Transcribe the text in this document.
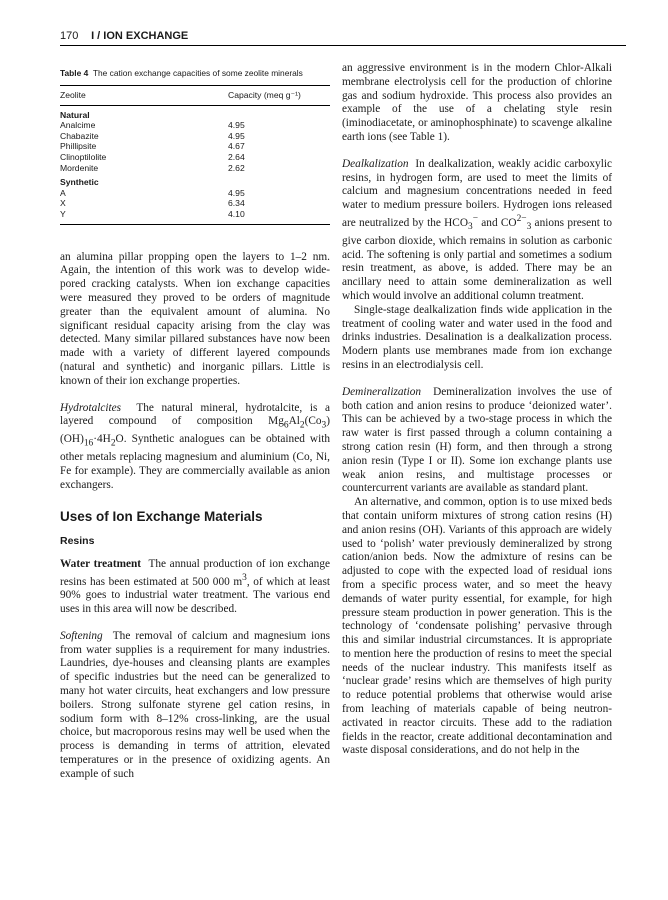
170 I / ION EXCHANGE
Table 4 The cation exchange capacities of some zeolite minerals
Zeolite	Capacity (meq g⁻¹)
Natural
Analcime	4.95
Chabazite	4.95
Phillipsite	4.67
Clinoptilolite	2.64
Mordenite	2.62
Synthetic
A	4.95
X	6.34
Y	4.10

an alumina pillar propping open the layers to 1–2 nm. Again, the intention of this work was to develop wide-pored cracking catalysts. When ion exchange capacities were measured they proved to be orders of magnitude greater than the equivalent amount of alumina. No significant residual capacity arising from the clay was detected. Many similar pillared substances have now been made with a variety of different layered compounds (natural and synthetic) and inorganic pillars. Little is known of their ion exchange properties.

Hydrotalcites The natural mineral, hydrotalcite, is a layered compound of composition $Mg_6Al_2(Co_3)(OH)_{16}\cdot 4H_2O$. Synthetic analogues can be obtained with other metals replacing magnesium and aluminium (Co, Ni, Fe for example). They are commercially available as anion exchangers.

Uses of Ion Exchange Materials
Resins

Water treatment The annual production of ion exchange resins has been estimated at 500 000 $m^3$, of which at least 90% goes to industrial water treatment. The various end uses in this area will now be described.

Softening The removal of calcium and magnesium ions from water supplies is a requirement for many industries. Laundries, dye-houses and cleansing plants are examples of specific industries but the need can be generalized to many hot water circuits, heat exchangers and low pressure boilers. Strong sulfonate styrene gel cation resins, in sodium form with 8–12% cross-linking, are the usual choice, but macroporous resins may well be used when the process is demanding in terms of attrition, elevated temperatures or in the presence of oxidizing agents. An example of such

an aggressive environment is in the modern Chlor-Alkali membrane electrolysis cell for the production of chlorine gas and sodium hydroxide. This process also provides an example of the use of a chelating style resin (iminodiacetate, or aminophosphinate) to scavenge alkaline earth ions (see Table 1).

Dealkalization In dealkalization, weakly acidic carboxylic resins, in hydrogen form, are used to meet the limits of calcium and magnesium concentrations needed in feed water to medium pressure boilers. Hydrogen ions released are neutralized by the $HCO_3^-$ and $CO^{2-}_3$ anions present to give carbon dioxide, which remains in solution as carbonic acid. The softening is only partial and sometimes a sodium resin treatment, as above, is added. There may be an ancillary need to attain some demineralization as well which would involve an additional column treatment.

Single-stage dealkalization finds wide application in the treatment of cooling water and water used in the food and drinks industries. Desalination is a dealkalization process. Modern plants use membranes made from ion exchange resins in an electrodialysis cell.

Demineralization Demineralization involves the use of both cation and anion resins to produce ‘deionized water’. This can be achieved by a two-stage process in which the raw water is first passed through a column containing a strong cation resin (H) form, and then through a strong anion resin (Type I or II). Some ion exchange plants use weak anion resins, and multistage processes or countercurrent variants are available as standard plant.

An alternative, and common, option is to use mixed beds that contain uniform mixtures of strong cation resins (H) and anion resins (OH). Variants of this approach are widely used to ‘polish’ water previously demineralized by strong cation/anion beds. Now the admixture of resins can be adjusted to cope with the expected load of residual ions from a specific process water, and so meet the heavy demands of water purity essential, for example, for high pressure steam production in power generation. This is the technology of ‘condensate polishing’ pervasive through this and similar industrial circumstances. It is appropriate to mention here the production of resins to meet the special needs of the nuclear industry. This manifests itself as ‘nuclear grade’ resins which are themselves of high purity to reduce potential problems that otherwise would arise from leaching of materials capable of being neutron-activated in reactor circuits. These add to the radiation fields in the reactor, create additional decontamination and waste disposal considerations, and do not help in the
